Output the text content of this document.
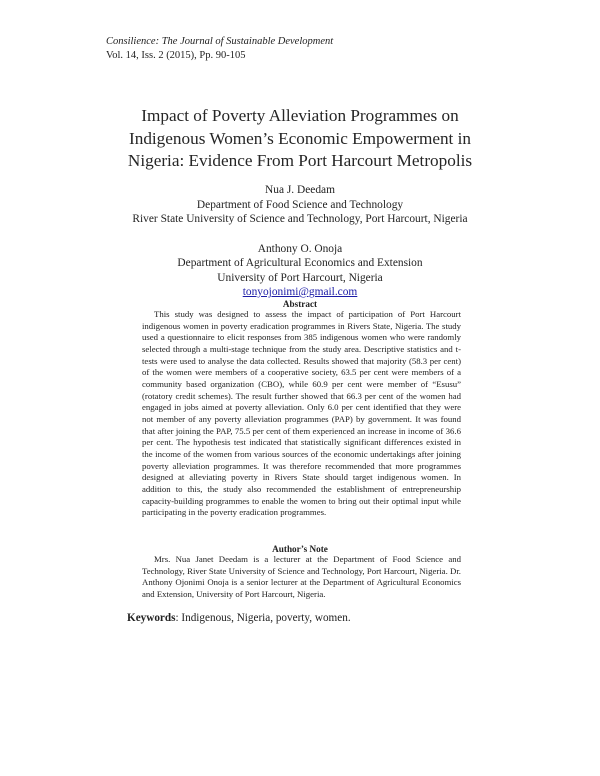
Consilience: The Journal of Sustainable Development
Vol. 14, Iss. 2 (2015), Pp. 90-105
Impact of Poverty Alleviation Programmes on
Indigenous Women’s Economic Empowerment in
Nigeria: Evidence From Port Harcourt Metropolis
Nua J. Deedam
Department of Food Science and Technology
River State University of Science and Technology, Port Harcourt, Nigeria
Anthony O. Onoja
Department of Agricultural Economics and Extension
University of Port Harcourt, Nigeria
tonyojonimi@gmail.com
Abstract

This study was designed to assess the impact of participation of Port Harcourt indigenous women in poverty eradication programmes in Rivers State, Nigeria. The study used a questionnaire to elicit responses from 385 indigenous women who were randomly selected through a multi-stage technique from the study area. Descriptive statistics and t-tests were used to analyse the data collected. Results showed that majority (58.3 per cent) of the women were members of a cooperative society, 63.5 per cent were members of a community based organization (CBO), while 60.9 per cent were member of “Esusu” (rotatory credit schemes). The result further showed that 66.3 per cent of the women had engaged in jobs aimed at poverty alleviation. Only 6.0 per cent identified that they were not member of any poverty alleviation programmes (PAP) by government. It was found that after joining the PAP, 75.5 per cent of them experienced an increase in income of 36.6 per cent. The hypothesis test indicated that statistically significant differences existed in the income of the women from various sources of the economic undertakings after joining poverty alleviation programmes. It was therefore recommended that more programmes designed at alleviating poverty in Rivers State should target indigenous women. In addition to this, the study also recommended the establishment of entrepreneurship capacity-building programmes to enable the women to bring out their optimal input while participating in the poverty eradication programmes.

Author’s Note

Mrs. Nua Janet Deedam is a lecturer at the Department of Food Science and Technology, River State University of Science and Technology, Port Harcourt, Nigeria. Dr. Anthony Ojonimi Onoja is a senior lecturer at the Department of Agricultural Economics and Extension, University of Port Harcourt, Nigeria.

Keywords: Indigenous, Nigeria, poverty, women.
